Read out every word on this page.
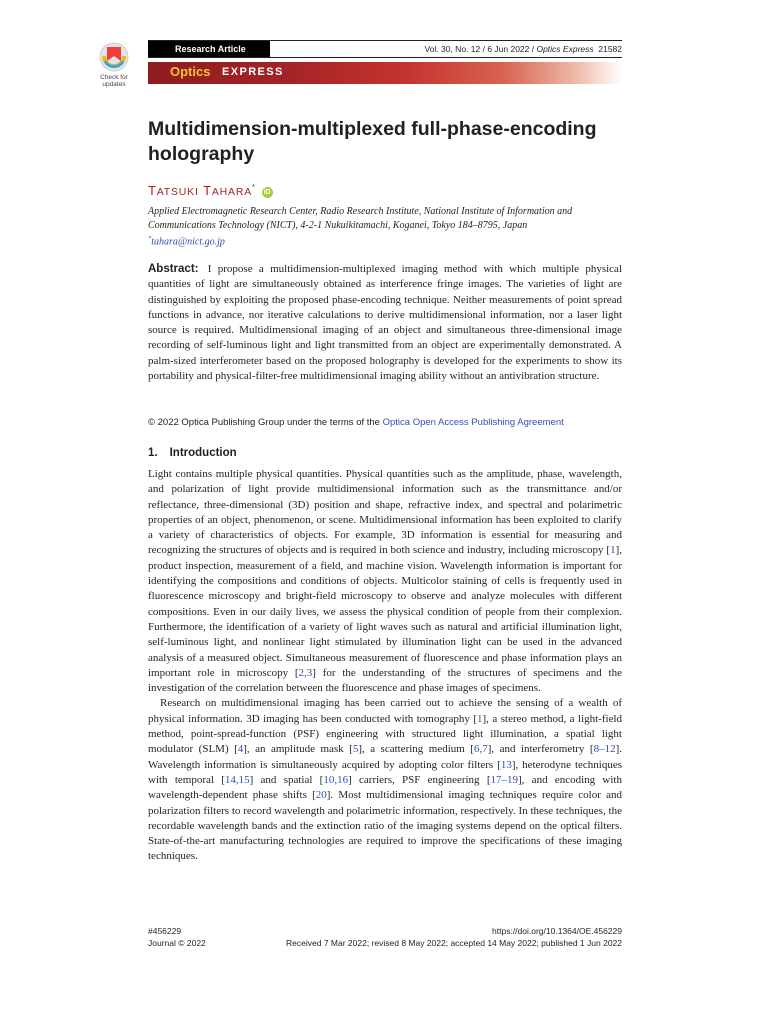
Check for updates
Research Article	Vol. 30, No. 12 / 6 Jun 2022 / Optics Express 21582
Optics EXPRESS
Multidimension-multiplexed full-phase-encoding holography
TATSUKI TAHARA*iD
Applied Electromagnetic Research Center, Radio Research Institute, National Institute of Information and Communications Technology (NICT), 4-2-1 Nukuikitamachi, Koganei, Tokyo 184–8795, Japan
*tahara@nict.go.jp
Abstract: I propose a multidimension-multiplexed imaging method with which multiple physical quantities of light are simultaneously obtained as interference fringe images. The varieties of light are distinguished by exploiting the proposed phase-encoding technique. Neither measurements of point spread functions in advance, nor iterative calculations to derive multidimensional information, nor a laser light source is required. Multidimensional imaging of an object and simultaneous three-dimensional image recording of self-luminous light and light transmitted from an object are experimentally demonstrated. A palm-sized interferometer based on the proposed holography is developed for the experiments to show its portability and physical-filter-free multidimensional imaging ability without an antivibration structure.
© 2022 Optica Publishing Group under the terms of the Optica Open Access Publishing Agreement
1. Introduction

Light contains multiple physical quantities. Physical quantities such as the amplitude, phase, wavelength, and polarization of light provide multidimensional information such as the transmittance and/or reflectance, three-dimensional (3D) position and shape, refractive index, and spectral and polarimetric properties of an object, phenomenon, or scene. Multidimensional information has been exploited to clarify a variety of characteristics of objects. For example, 3D information is essential for measuring and recognizing the structures of objects and is required in both science and industry, including microscopy [1], product inspection, measurement of a field, and machine vision. Wavelength information is important for identifying the compositions and conditions of objects. Multicolor staining of cells is frequently used in fluorescence microscopy and bright-field microscopy to observe and analyze molecules with different compositions. Even in our daily lives, we assess the physical condition of people from their complexion. Furthermore, the identification of a variety of light waves such as natural and artificial illumination light, self-luminous light, and nonlinear light stimulated by illumination light can be used in the advanced analysis of a measured object. Simultaneous measurement of fluorescence and phase information plays an important role in microscopy [2,3] for the understanding of the structures of specimens and the investigation of the correlation between the fluorescence and phase images of specimens.

Research on multidimensional imaging has been carried out to achieve the sensing of a wealth of physical information. 3D imaging has been conducted with tomography [1], a stereo method, a light-field method, point-spread-function (PSF) engineering with structured light illumination, a spatial light modulator (SLM) [4], an amplitude mask [5], a scattering medium [6,7], and interferometry [8–12]. Wavelength information is simultaneously acquired by adopting color filters [13], heterodyne techniques with temporal [14,15] and spatial [10,16] carriers, PSF engineering [17–19], and encoding with wavelength-dependent phase shifts [20]. Most multidimensional imaging techniques require color and polarization filters to record wavelength and polarimetric information, respectively. In these techniques, the recordable wavelength bands and the extinction ratio of the imaging systems depend on the optical filters. State-of-the-art manufacturing technologies are required to improve the specifications of these imaging techniques.

#456229	https://doi.org/10.1364/OE.456229
Journal © 2022	Received 7 Mar 2022; revised 8 May 2022; accepted 14 May 2022; published 1 Jun 2022
